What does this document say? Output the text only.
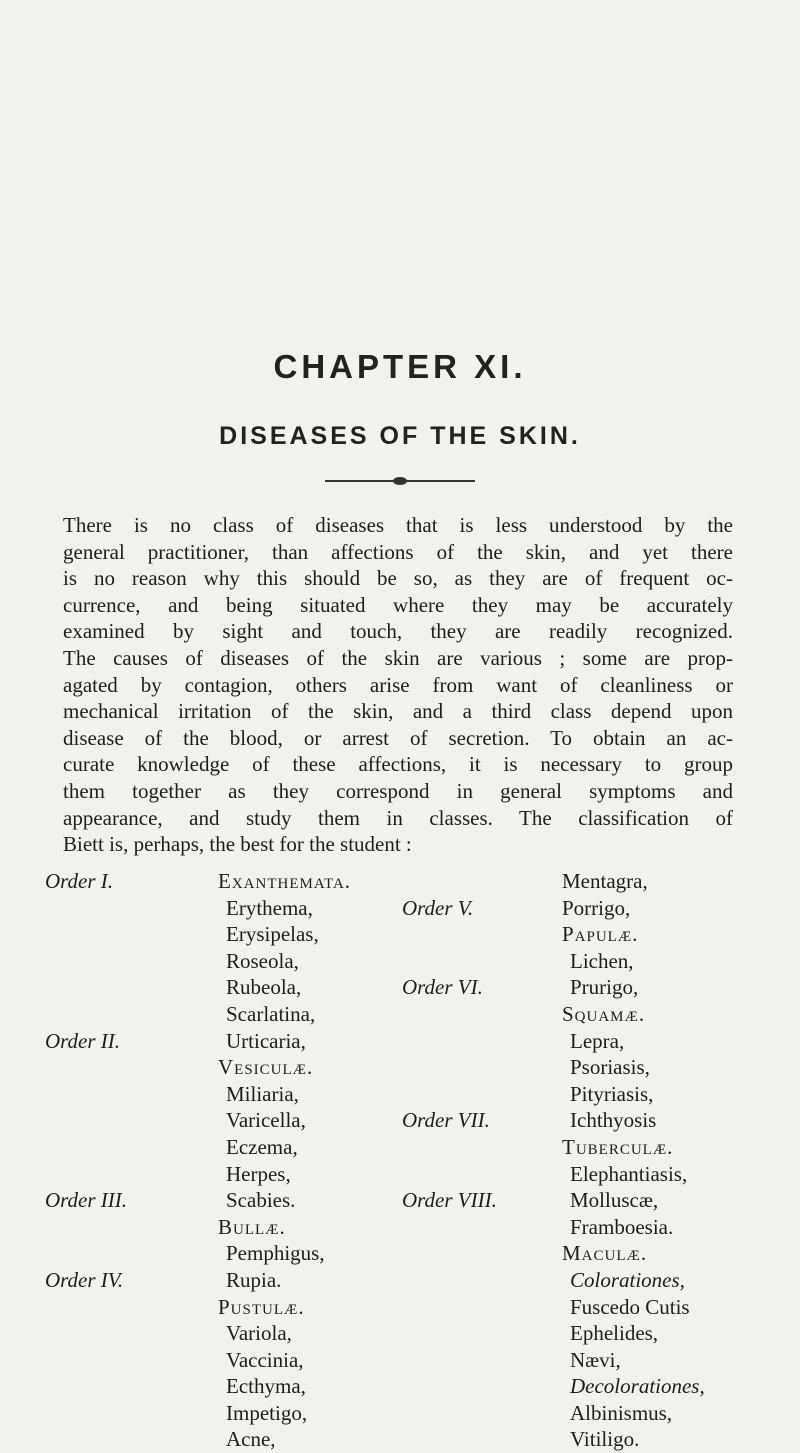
CHAPTER XI.
DISEASES OF THE SKIN.
There is no class of diseases that is less understood by the
general practitioner, than affections of the skin, and yet there
is no reason why this should be so, as they are of frequent oc-
currence, and being situated where they may be accurately
examined by sight and touch, they are readily recognized.
The causes of diseases of the skin are various ; some are prop-
agated by contagion, others arise from want of cleanliness or
mechanical irritation of the skin, and a third class depend upon
disease of the blood, or arrest of secretion. To obtain an ac-
curate knowledge of these affections, it is necessary to group
them together as they correspond in general symptoms and
appearance, and study them in classes. The classification of
Biett is, perhaps, the best for the student :
Order I.
Order II.
Order III.
Order IV.
Exanthemata.
Erythema,
Erysipelas,
Roseola,
Rubeola,
Scarlatina,
Urticaria,
Vesiculæ.
Miliaria,
Varicella,
Eczema,
Herpes,
Scabies.
Bullæ.
Pemphigus,
Rupia.
Pustulæ.
Variola,
Vaccinia,
Ecthyma,
Impetigo,
Acne,
Order V.
Order VI.
Order VII.
Order VIII.
Mentagra,
Porrigo,
Papulæ.
Lichen,
Prurigo,
Squamæ.
Lepra,
Psoriasis,
Pityriasis,
Ichthyosis
Tuberculæ.
Elephantiasis,
Molluscæ,
Framboesia.
Maculæ.
Colorationes,
Fuscedo Cutis
Ephelides,
Nævi,
Decolorationes,
Albinismus,
Vitiligo.
